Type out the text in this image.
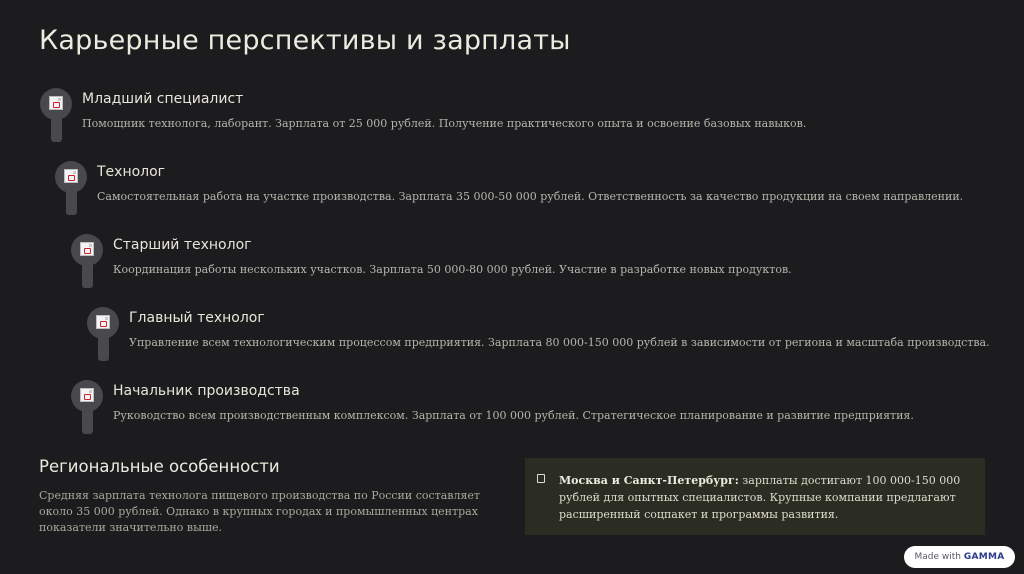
Карьерные перспективы и зарплаты
Младший специалист
Помощник технолога, лаборант. Зарплата от 25 000 рублей. Получение практического опыта и освоение базовых навыков.
Технолог
Самостоятельная работа на участке производства. Зарплата 35 000-50 000 рублей. Ответственность за качество продукции на своем направлении.
Старший технолог
Координация работы нескольких участков. Зарплата 50 000-80 000 рублей. Участие в разработке новых продуктов.
Главный технолог
Управление всем технологическим процессом предприятия. Зарплата 80 000-150 000 рублей в зависимости от региона и масштаба производства.
Начальник производства
Руководство всем производственным комплексом. Зарплата от 100 000 рублей. Стратегическое планирование и развитие предприятия.
Региональные особенности
Средняя зарплата технолога пищевого производства по России составляет около 35 000 рублей. Однако в крупных городах и промышленных центрах показатели значительно выше.
Москва и Санкт-Петербург: зарплаты достигают 100 000-150 000 рублей для опытных специалистов. Крупные компании предлагают расширенный соцпакет и программы развития.
Made with GAMMA
